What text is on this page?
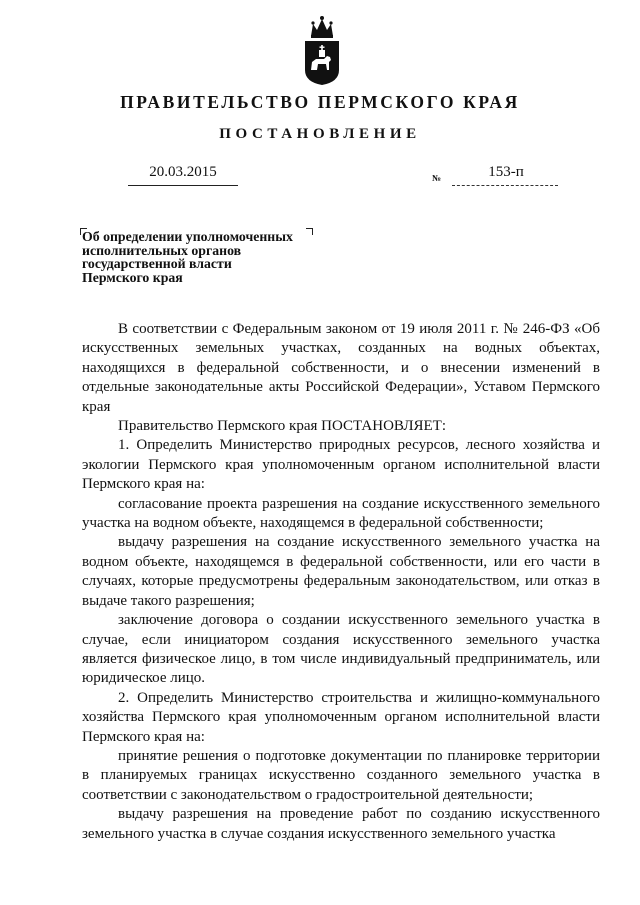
ПРАВИТЕЛЬСТВО ПЕРМСКОГО КРАЯ
ПОСТАНОВЛЕНИЕ
20.03.2015	№	153-п
Об определении уполномоченных
исполнительных органов
государственной власти
Пермского края

В соответствии с Федеральным законом от 19 июля 2011 г. № 246-ФЗ «Об искусственных земельных участках, созданных на водных объектах, находящихся в федеральной собственности, и о внесении изменений в отдельные законодательные акты Российской Федерации», Уставом Пермского края

Правительство Пермского края ПОСТАНОВЛЯЕТ:

1. Определить Министерство природных ресурсов, лесного хозяйства и экологии Пермского края уполномоченным органом исполнительной власти Пермского края на:

согласование проекта разрешения на создание искусственного земельного участка на водном объекте, находящемся в федеральной собственности;

выдачу разрешения на создание искусственного земельного участка на водном объекте, находящемся в федеральной собственности, или его части в случаях, которые предусмотрены федеральным законодательством, или отказ в выдаче такого разрешения;

заключение договора о создании искусственного земельного участка в случае, если инициатором создания искусственного земельного участка является физическое лицо, в том числе индивидуальный предприниматель, или юридическое лицо.

2. Определить Министерство строительства и жилищно-коммунального хозяйства Пермского края уполномоченным органом исполнительной власти Пермского края на:

принятие решения о подготовке документации по планировке территории в планируемых границах искусственно созданного земельного участка в соответствии с законодательством о градостроительной деятельности;

выдачу разрешения на проведение работ по созданию искусственного земельного участка в случае создания искусственного земельного участка
